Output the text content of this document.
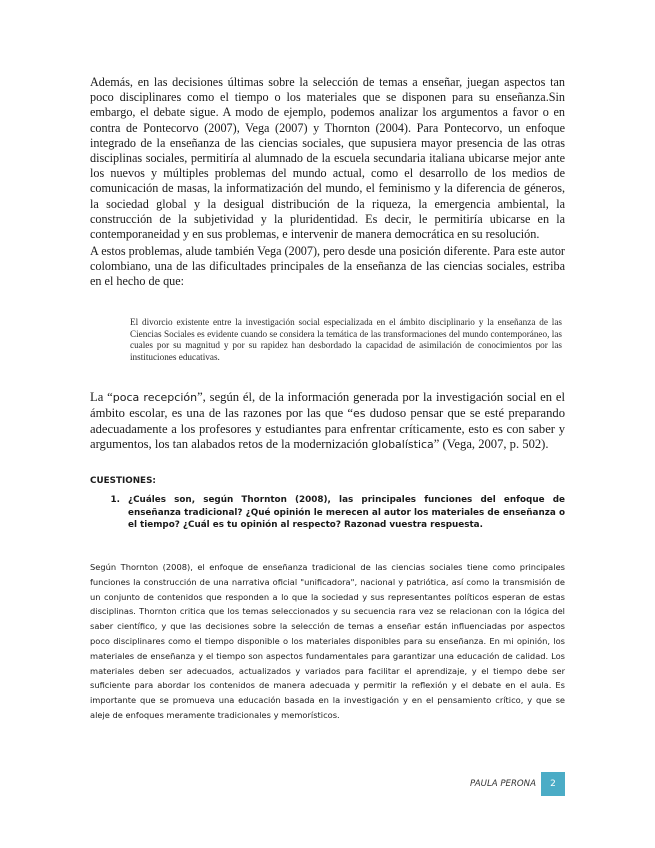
Además, en las decisiones últimas sobre la selección de temas a enseñar, juegan aspectos tan poco disciplinares como el tiempo o los materiales que se disponen para su enseñanza.Sin embargo, el debate sigue. A modo de ejemplo, podemos analizar los argumentos a favor o en contra de Pontecorvo (2007), Vega (2007) y Thornton (2004). Para Pontecorvo, un enfoque integrado de la enseñanza de las ciencias sociales, que supusiera mayor presencia de las otras disciplinas sociales, permitiría al alumnado de la escuela secundaria italiana ubicarse mejor ante los nuevos y múltiples problemas del mundo actual, como el desarrollo de los medios de comunicación de masas, la informatización del mundo, el feminismo y la diferencia de géneros, la sociedad global y la desigual distribución de la riqueza, la emergencia ambiental, la construcción de la subjetividad y la pluridentidad. Es decir, le permitiría ubicarse en la contemporaneidad y en sus problemas, e intervenir de manera democrática en su resolución.

A estos problemas, alude también Vega (2007), pero desde una posición diferente. Para este autor colombiano, una de las dificultades principales de la enseñanza de las ciencias sociales, estriba en el hecho de que:

El divorcio existente entre la investigación social especializada en el ámbito disciplinario y la enseñanza de las Ciencias Sociales es evidente cuando se considera la temática de las transformaciones del mundo contemporáneo, las cuales por su magnitud y por su rapidez han desbordado la capacidad de asimilación de conocimientos por las instituciones educativas.

La “poca recepción”, según él, de la información generada por la investigación social en el ámbito escolar, es una de las razones por las que “es dudoso pensar que se esté preparando adecuadamente a los profesores y estudiantes para enfrentar críticamente, esto es con saber y argumentos, los tan alabados retos de la modernización globalística” (Vega, 2007, p. 502).

CUESTIONES:

1. ¿Cuáles son, según Thornton (2008), las principales funciones del enfoque de enseñanza tradicional? ¿Qué opinión le merecen al autor los materiales de enseñanza o el tiempo? ¿Cuál es tu opinión al respecto? Razonad vuestra respuesta.

Según Thornton (2008), el enfoque de enseñanza tradicional de las ciencias sociales tiene como principales funciones la construcción de una narrativa oficial "unificadora", nacional y patriótica, así como la transmisión de un conjunto de contenidos que responden a lo que la sociedad y sus representantes políticos esperan de estas disciplinas. Thornton critica que los temas seleccionados y su secuencia rara vez se relacionan con la lógica del saber científico, y que las decisiones sobre la selección de temas a enseñar están influenciadas por aspectos poco disciplinares como el tiempo disponible o los materiales disponibles para su enseñanza. En mi opinión, los materiales de enseñanza y el tiempo son aspectos fundamentales para garantizar una educación de calidad. Los materiales deben ser adecuados, actualizados y variados para facilitar el aprendizaje, y el tiempo debe ser suficiente para abordar los contenidos de manera adecuada y permitir la reflexión y el debate en el aula. Es importante que se promueva una educación basada en la investigación y en el pensamiento crítico, y que se aleje de enfoques meramente tradicionales y memorísticos.

PAULA PERONA	2
